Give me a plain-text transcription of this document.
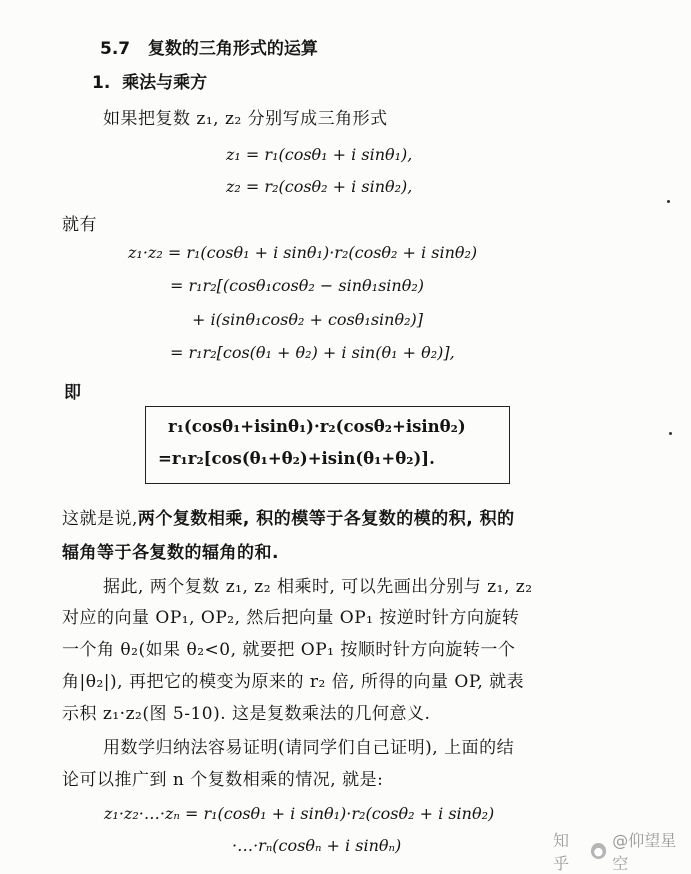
5.7 复数的三角形式的运算
1. 乘法与乘方
如果把复数 z₁, z₂ 分别写成三角形式
z₁ = r₁(cosθ₁ + i sinθ₁),
z₂ = r₂(cosθ₂ + i sinθ₂),
就有
z₁·z₂ = r₁(cosθ₁ + i sinθ₁)·r₂(cosθ₂ + i sinθ₂)
= r₁r₂[(cosθ₁cosθ₂ − sinθ₁sinθ₂)
+ i(sinθ₁cosθ₂ + cosθ₁sinθ₂)]
= r₁r₂[cos(θ₁ + θ₂) + i sin(θ₁ + θ₂)],
即
r₁(cosθ₁+isinθ₁)·r₂(cosθ₂+isinθ₂)
=r₁r₂[cos(θ₁+θ₂)+isin(θ₁+θ₂)].
这就是说,两个复数相乘, 积的模等于各复数的模的积, 积的
辐角等于各复数的辐角的和.
据此, 两个复数 z₁, z₂ 相乘时, 可以先画出分别与 z₁, z₂
对应的向量 OP₁, OP₂, 然后把向量 OP₁ 按逆时针方向旋转
一个角 θ₂(如果 θ₂<0, 就要把 OP₁ 按顺时针方向旋转一个
角|θ₂|), 再把它的模变为原来的 r₂ 倍, 所得的向量 OP, 就表
示积 z₁·z₂(图 5-10). 这是复数乘法的几何意义.
用数学归纳法容易证明(请同学们自己证明), 上面的结
论可以推广到 n 个复数相乘的情况, 就是:
z₁·z₂·…·zₙ = r₁(cosθ₁ + i sinθ₁)·r₂(cosθ₂ + i sinθ₂)
·…·rₙ(cosθₙ + i sinθₙ)	知乎
●
@仰望星空
